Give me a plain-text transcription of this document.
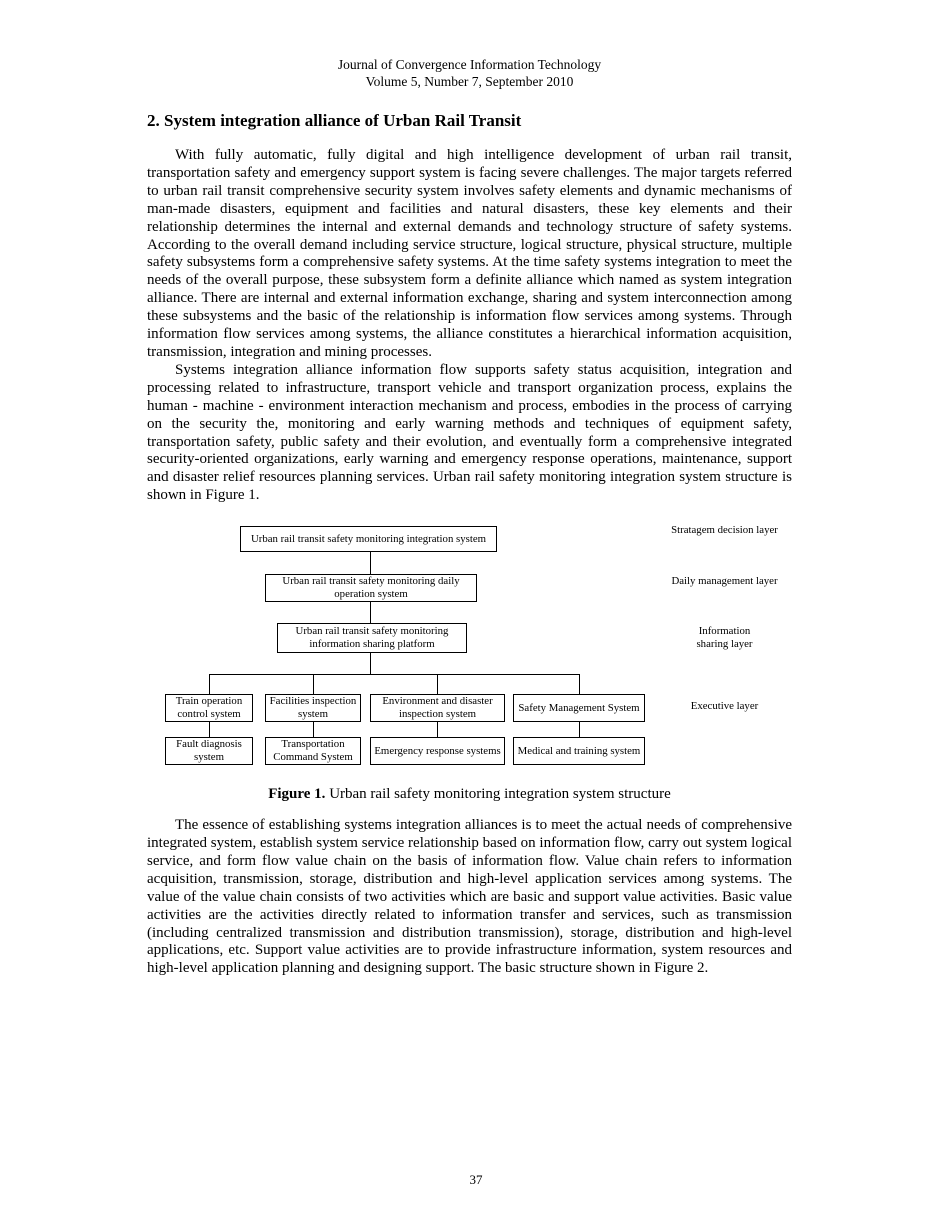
Journal of Convergence Information Technology
Volume 5, Number 7, September 2010
2. System integration alliance of Urban Rail Transit

With fully automatic, fully digital and high intelligence development of urban rail transit, transportation safety and emergency support system is facing severe challenges. The major targets referred to urban rail transit comprehensive security system involves safety elements and dynamic mechanisms of man-made disasters, equipment and facilities and natural disasters, these key elements and their relationship determines the internal and external demands and technology structure of safety systems. According to the overall demand including service structure, logical structure, physical structure, multiple safety subsystems form a comprehensive safety systems. At the time safety systems integration to meet the needs of the overall purpose, these subsystem form a definite alliance which named as system integration alliance. There are internal and external information exchange, sharing and system interconnection among these subsystems and the basic of the relationship is information flow services among systems. Through information flow services among systems, the alliance constitutes a hierarchical information acquisition, transmission, integration and mining processes.

Systems integration alliance information flow supports safety status acquisition, integration and processing related to infrastructure, transport vehicle and transport organization process, explains the human - machine - environment interaction mechanism and process, embodies in the process of carrying on the security the, monitoring and early warning methods and techniques of equipment safety, transportation safety, public safety and their evolution, and eventually form a comprehensive integrated security-oriented organizations, early warning and emergency response operations, maintenance, support and disaster relief resources planning services. Urban rail safety monitoring integration system structure is shown in Figure 1.

Urban rail transit safety monitoring integration system
Urban rail transit safety monitoring daily operation system
Urban rail transit safety monitoring information sharing platform
Train operation control system
Facilities inspection system
Environment and disaster inspection system
Safety Management System
Fault diagnosis system
Transportation Command System
Emergency response systems	Medical and training system
Stratagem decision layer
Daily management layer
Information sharing layer
Executive layer
Figure 1. Urban rail safety monitoring integration system structure

The essence of establishing systems integration alliances is to meet the actual needs of comprehensive integrated system, establish system service relationship based on information flow, carry out system logical service, and form flow value chain on the basis of information flow. Value chain refers to information acquisition, transmission, storage, distribution and high-level application services among systems. The value of the value chain consists of two activities which are basic and support value activities. Basic value activities are the activities directly related to information transfer and services, such as transmission (including centralized transmission and distribution transmission), storage, distribution and high-level applications, etc. Support value activities are to provide infrastructure information, system resources and high-level application planning and designing support. The basic structure shown in Figure 2.

37
